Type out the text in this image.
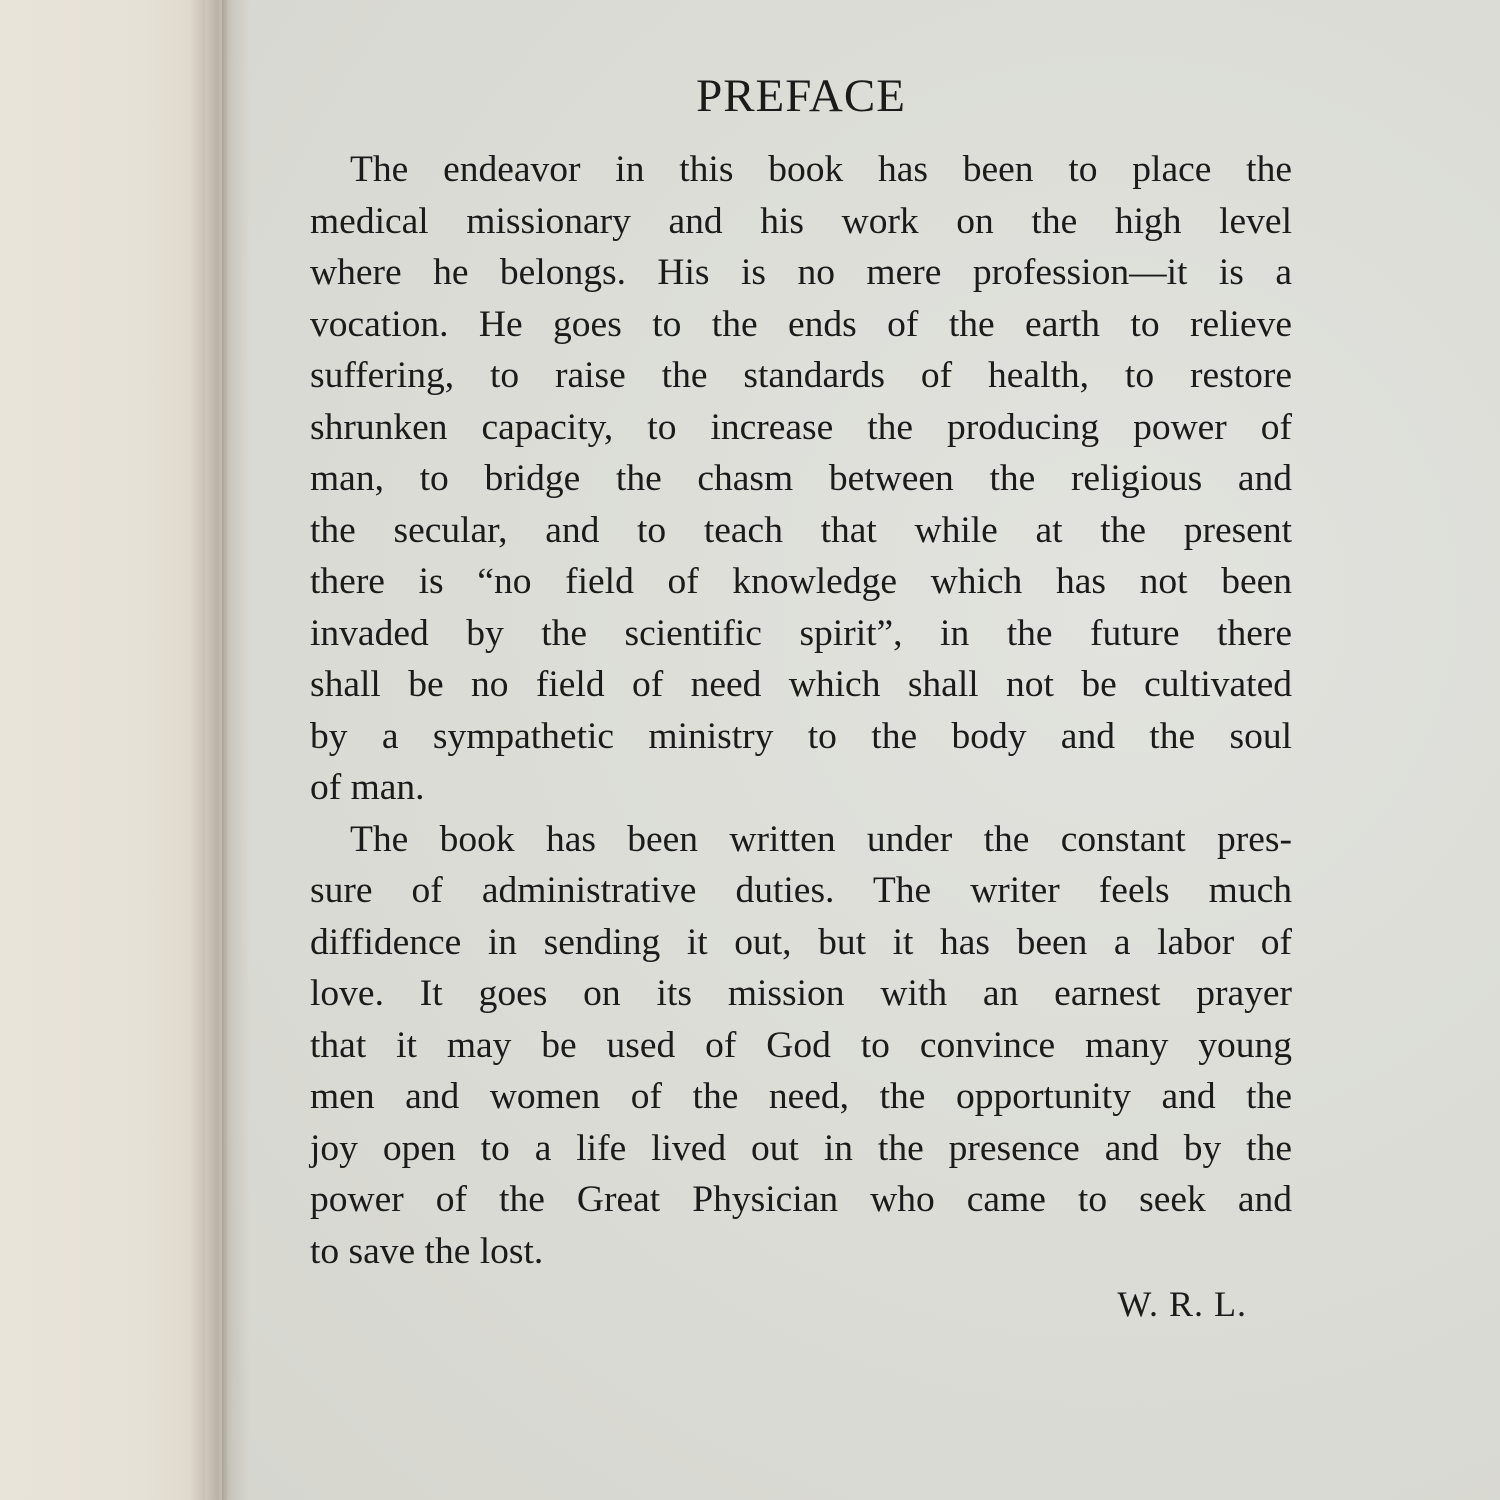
PREFACE
The endeavor in this book has been to place the
medical missionary and his work on the high level
where he belongs. His is no mere profession—it is a
vocation. He goes to the ends of the earth to relieve
suffering, to raise the standards of health, to restore
shrunken capacity, to increase the producing power of
man, to bridge the chasm between the religious and
the secular, and to teach that while at the present
there is “no field of knowledge which has not been
invaded by the scientific spirit”, in the future there
shall be no field of need which shall not be cultivated
by a sympathetic ministry to the body and the soul
of man.
The book has been written under the constant pres-
sure of administrative duties. The writer feels much
diffidence in sending it out, but it has been a labor of
love. It goes on its mission with an earnest prayer
that it may be used of God to convince many young
men and women of the need, the opportunity and the
joy open to a life lived out in the presence and by the
power of the Great Physician who came to seek and
to save the lost.
W. R. L.
